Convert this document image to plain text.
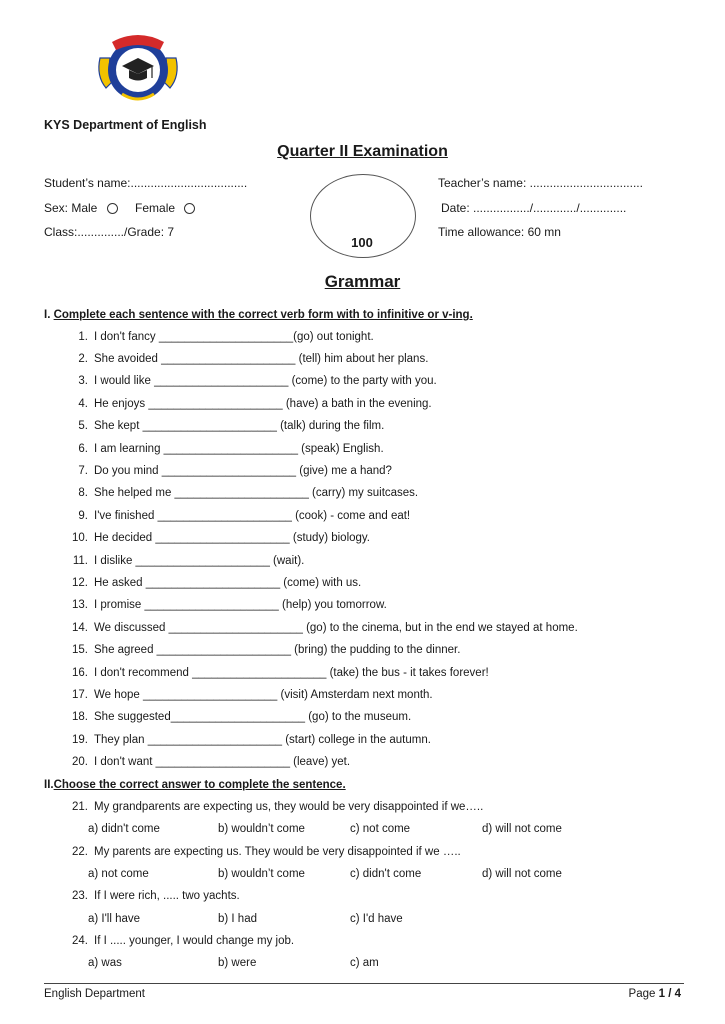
KYS Department of English
Quarter II Examination
Student’s name:...................................	Teacher’s name: ..................................
Sex: Male	Female	Date: ................./............./..............
Class:............../Grade: 7	Time allowance: 60 mn
100
Grammar
I. Complete each sentence with the correct verb form with to infinitive or v-ing.
1. I don't fancy _____________________(go) out tonight.
2. She avoided _____________________ (tell) him about her plans.
3. I would like _____________________ (come) to the party with you.
4. He enjoys _____________________ (have) a bath in the evening.
5. She kept _____________________ (talk) during the film.
6. I am learning _____________________ (speak) English.
7. Do you mind _____________________ (give) me a hand?
8. She helped me _____________________ (carry) my suitcases.
9. I've finished _____________________ (cook) - come and eat!
10. He decided _____________________ (study) biology.
11. I dislike _____________________ (wait).
12. He asked _____________________ (come) with us.
13. I promise _____________________ (help) you tomorrow.
14. We discussed _____________________ (go) to the cinema, but in the end we stayed at home.
15. She agreed _____________________ (bring) the pudding to the dinner.
16. I don't recommend _____________________ (take) the bus - it takes forever!
17. We hope _____________________ (visit) Amsterdam next month.
18. She suggested_____________________ (go) to the museum.
19. They plan _____________________ (start) college in the autumn.
20. I don't want _____________________ (leave) yet.
II.Choose the correct answer to complete the sentence.
21. My grandparents are expecting us, they would be very disappointed if we…..
a) didn't come	b) wouldn’t come	c) not come	d) will not come
22. My parents are expecting us. They would be very disappointed if we …..
a) not come	b) wouldn’t come	c) didn't come	d) will not come
23. If I were rich, ..... two yachts.
a) I'll have	b) I had	c) I'd have
24. If I ..... younger, I would change my job.
a) was	b) were	c) am
English Department	Page 1 / 4
